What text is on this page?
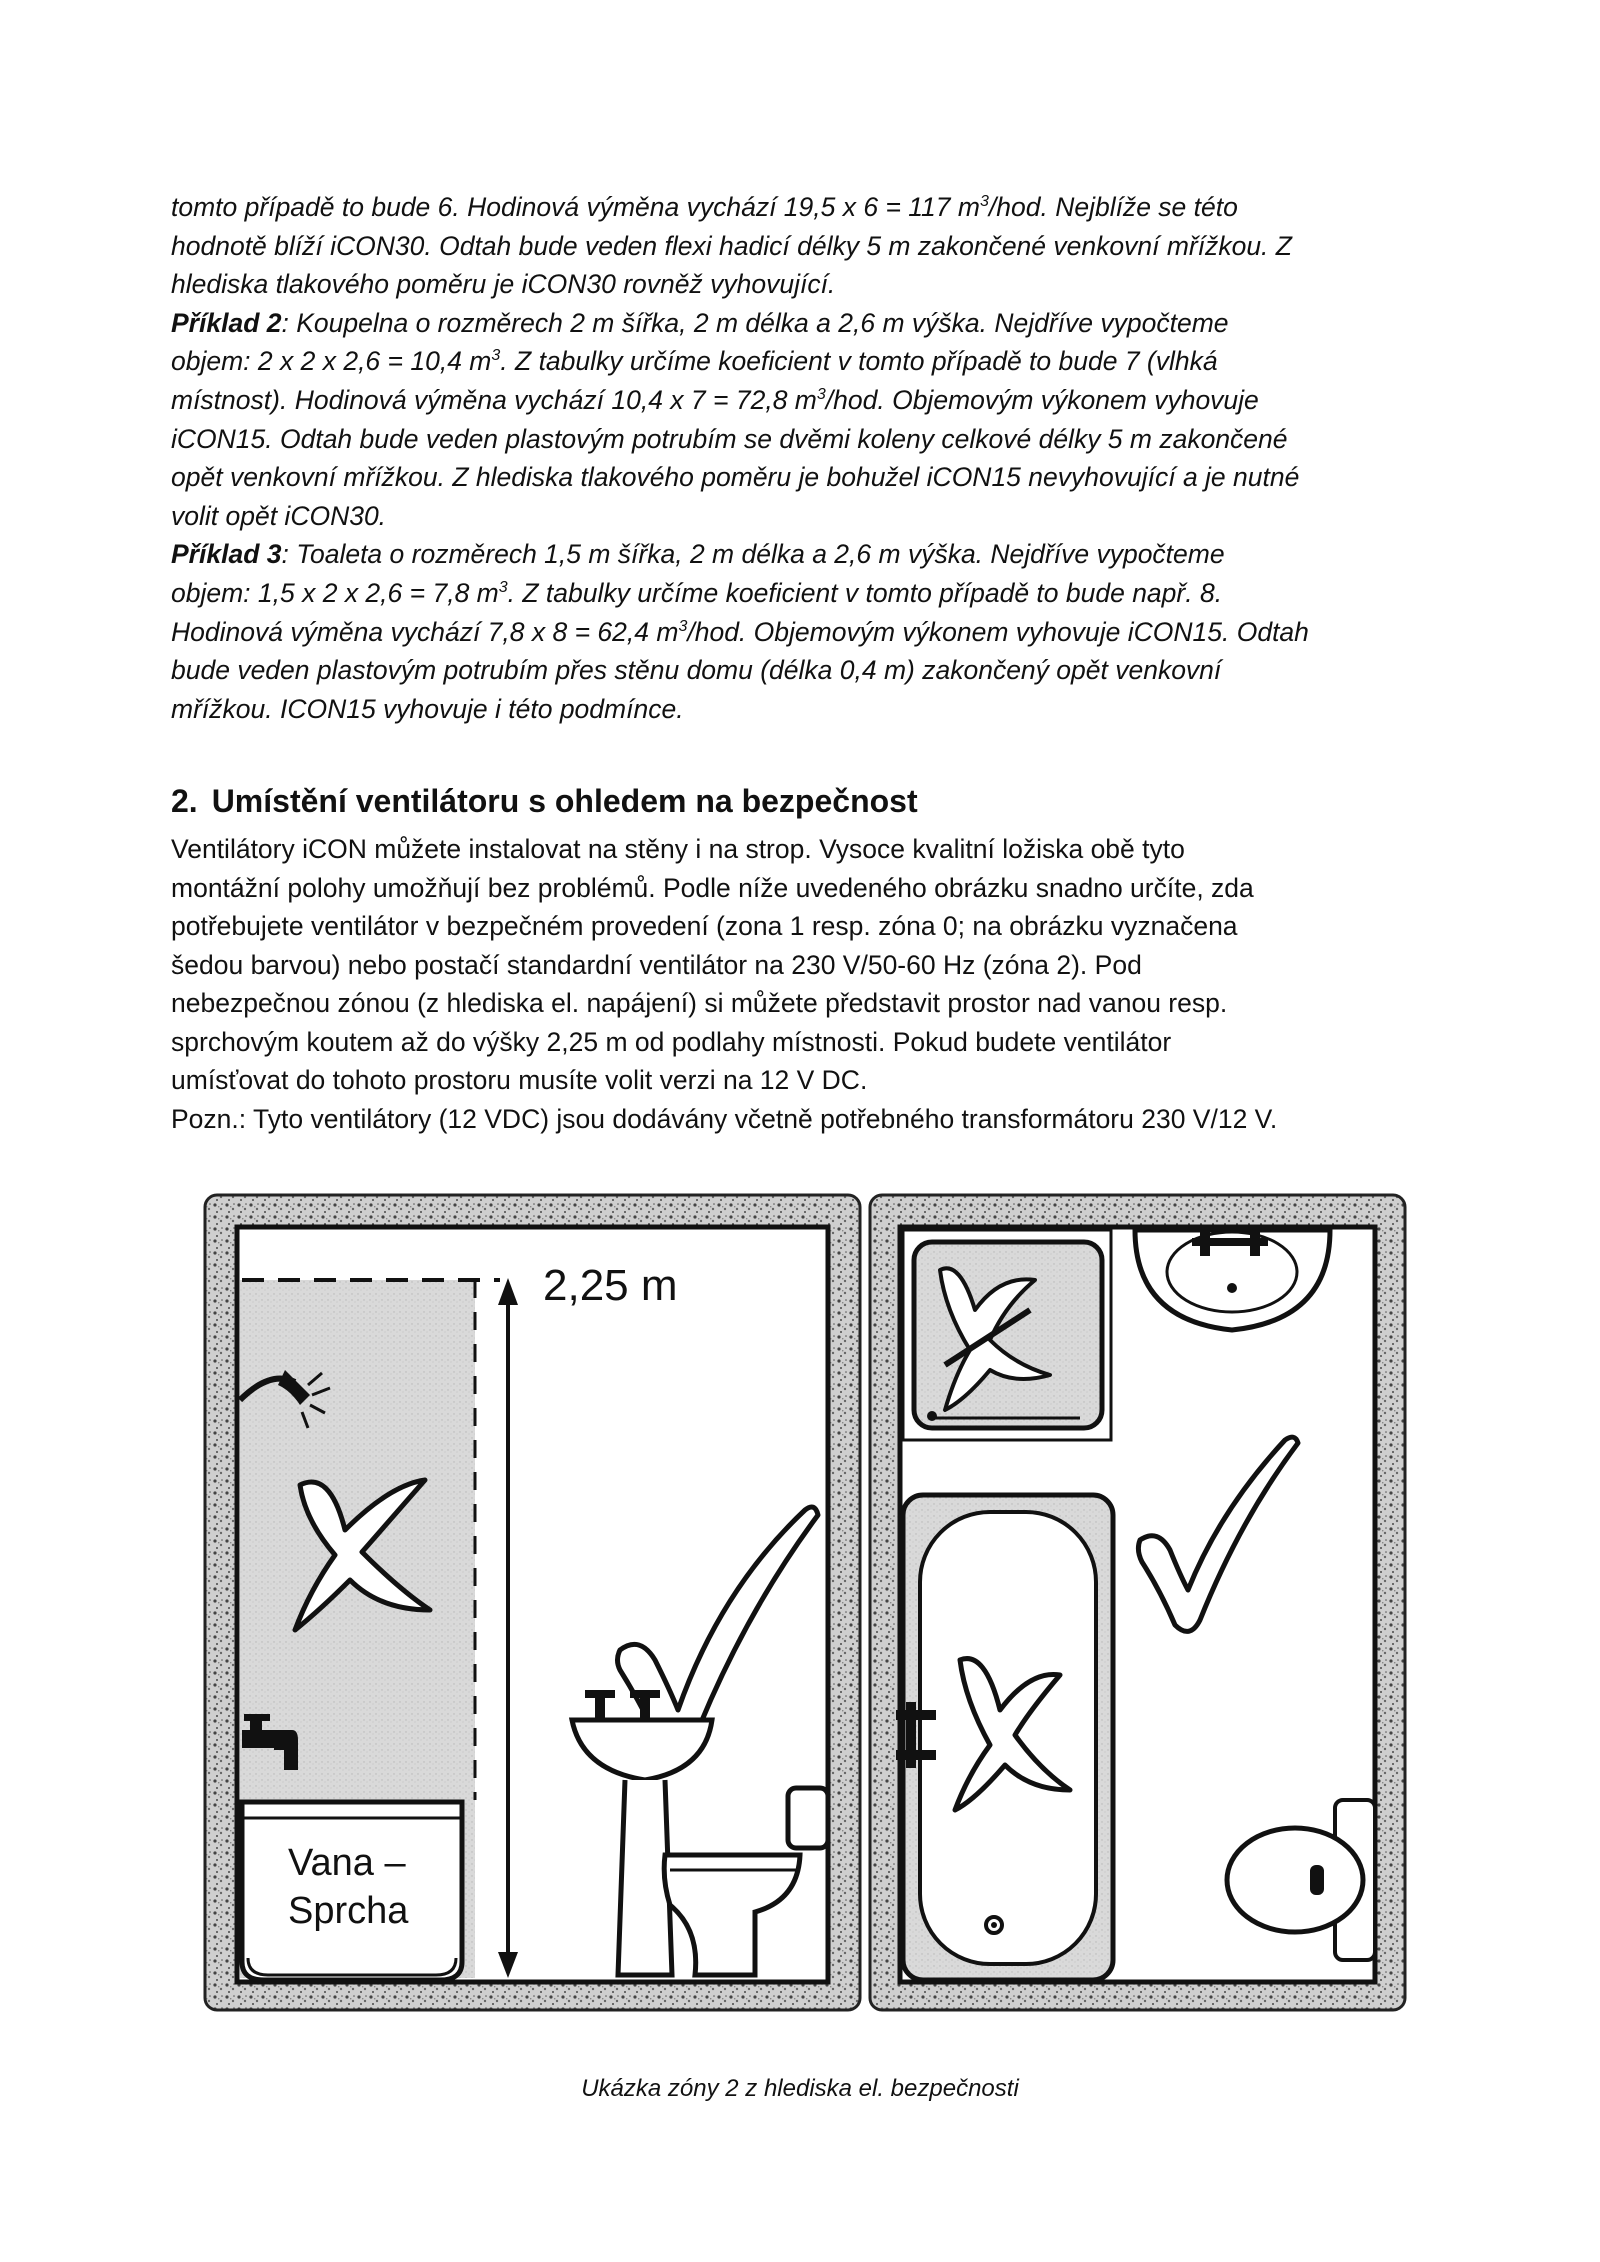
tomto případě to bude 6. Hodinová výměna vychází 19,5 x 6 = 117 $m^3$/hod. Nejblíže se této

hodnotě blíží iCON30. Odtah bude veden flexi hadicí délky 5 m zakončené venkovní mřížkou. Z

hlediska tlakového poměru je iCON30 rovněž vyhovující.

Příklad 2: Koupelna o rozměrech 2 m šířka, 2 m délka a 2,6 m výška. Nejdříve vypočteme

objem: 2 x 2 x 2,6 = 10,4 $m^3$. Z tabulky určíme koeficient v tomto případě to bude 7 (vlhká

místnost). Hodinová výměna vychází 10,4 x 7 = 72,8 $m^3$/hod. Objemovým výkonem vyhovuje

iCON15. Odtah bude veden plastovým potrubím se dvěmi koleny celkové délky 5 m zakončené

opět venkovní mřížkou. Z hlediska tlakového poměru je bohužel iCON15 nevyhovující a je nutné

volit opět iCON30.

Příklad 3: Toaleta o rozměrech 1,5 m šířka, 2 m délka a 2,6 m výška. Nejdříve vypočteme

objem: 1,5 x 2 x 2,6 = 7,8 $m^3$. Z tabulky určíme koeficient v tomto případě to bude např. 8.

Hodinová výměna vychází 7,8 x 8 = 62,4 $m^3$/hod. Objemovým výkonem vyhovuje iCON15. Odtah

bude veden plastovým potrubím přes stěnu domu (délka 0,4 m) zakončený opět venkovní

mřížkou. ICON15 vyhovuje i této podmínce.

2. Umístění ventilátoru s ohledem na bezpečnost

Ventilátory iCON můžete instalovat na stěny i na strop. Vysoce kvalitní ložiska obě tyto

montážní polohy umožňují bez problémů. Podle níže uvedeného obrázku snadno určíte, zda

potřebujete ventilátor v bezpečném provedení (zona 1 resp. zóna 0; na obrázku vyznačena

šedou barvou) nebo postačí standardní ventilátor na 230 V/50-60 Hz (zóna 2). Pod

nebezpečnou zónou (z hlediska el. napájení) si můžete představit prostor nad vanou resp.

sprchovým koutem až do výšky 2,25 m od podlahy místnosti. Pokud budete ventilátor

umísťovat do tohoto prostoru musíte volit verzi na 12 V DC.

Pozn.: Tyto ventilátory (12 VDC) jsou dodávány včetně potřebného transformátoru 230 V/12 V.

2,25 m
Vana –
Sprcha
Ukázka zóny 2 z hlediska el. bezpečnosti
